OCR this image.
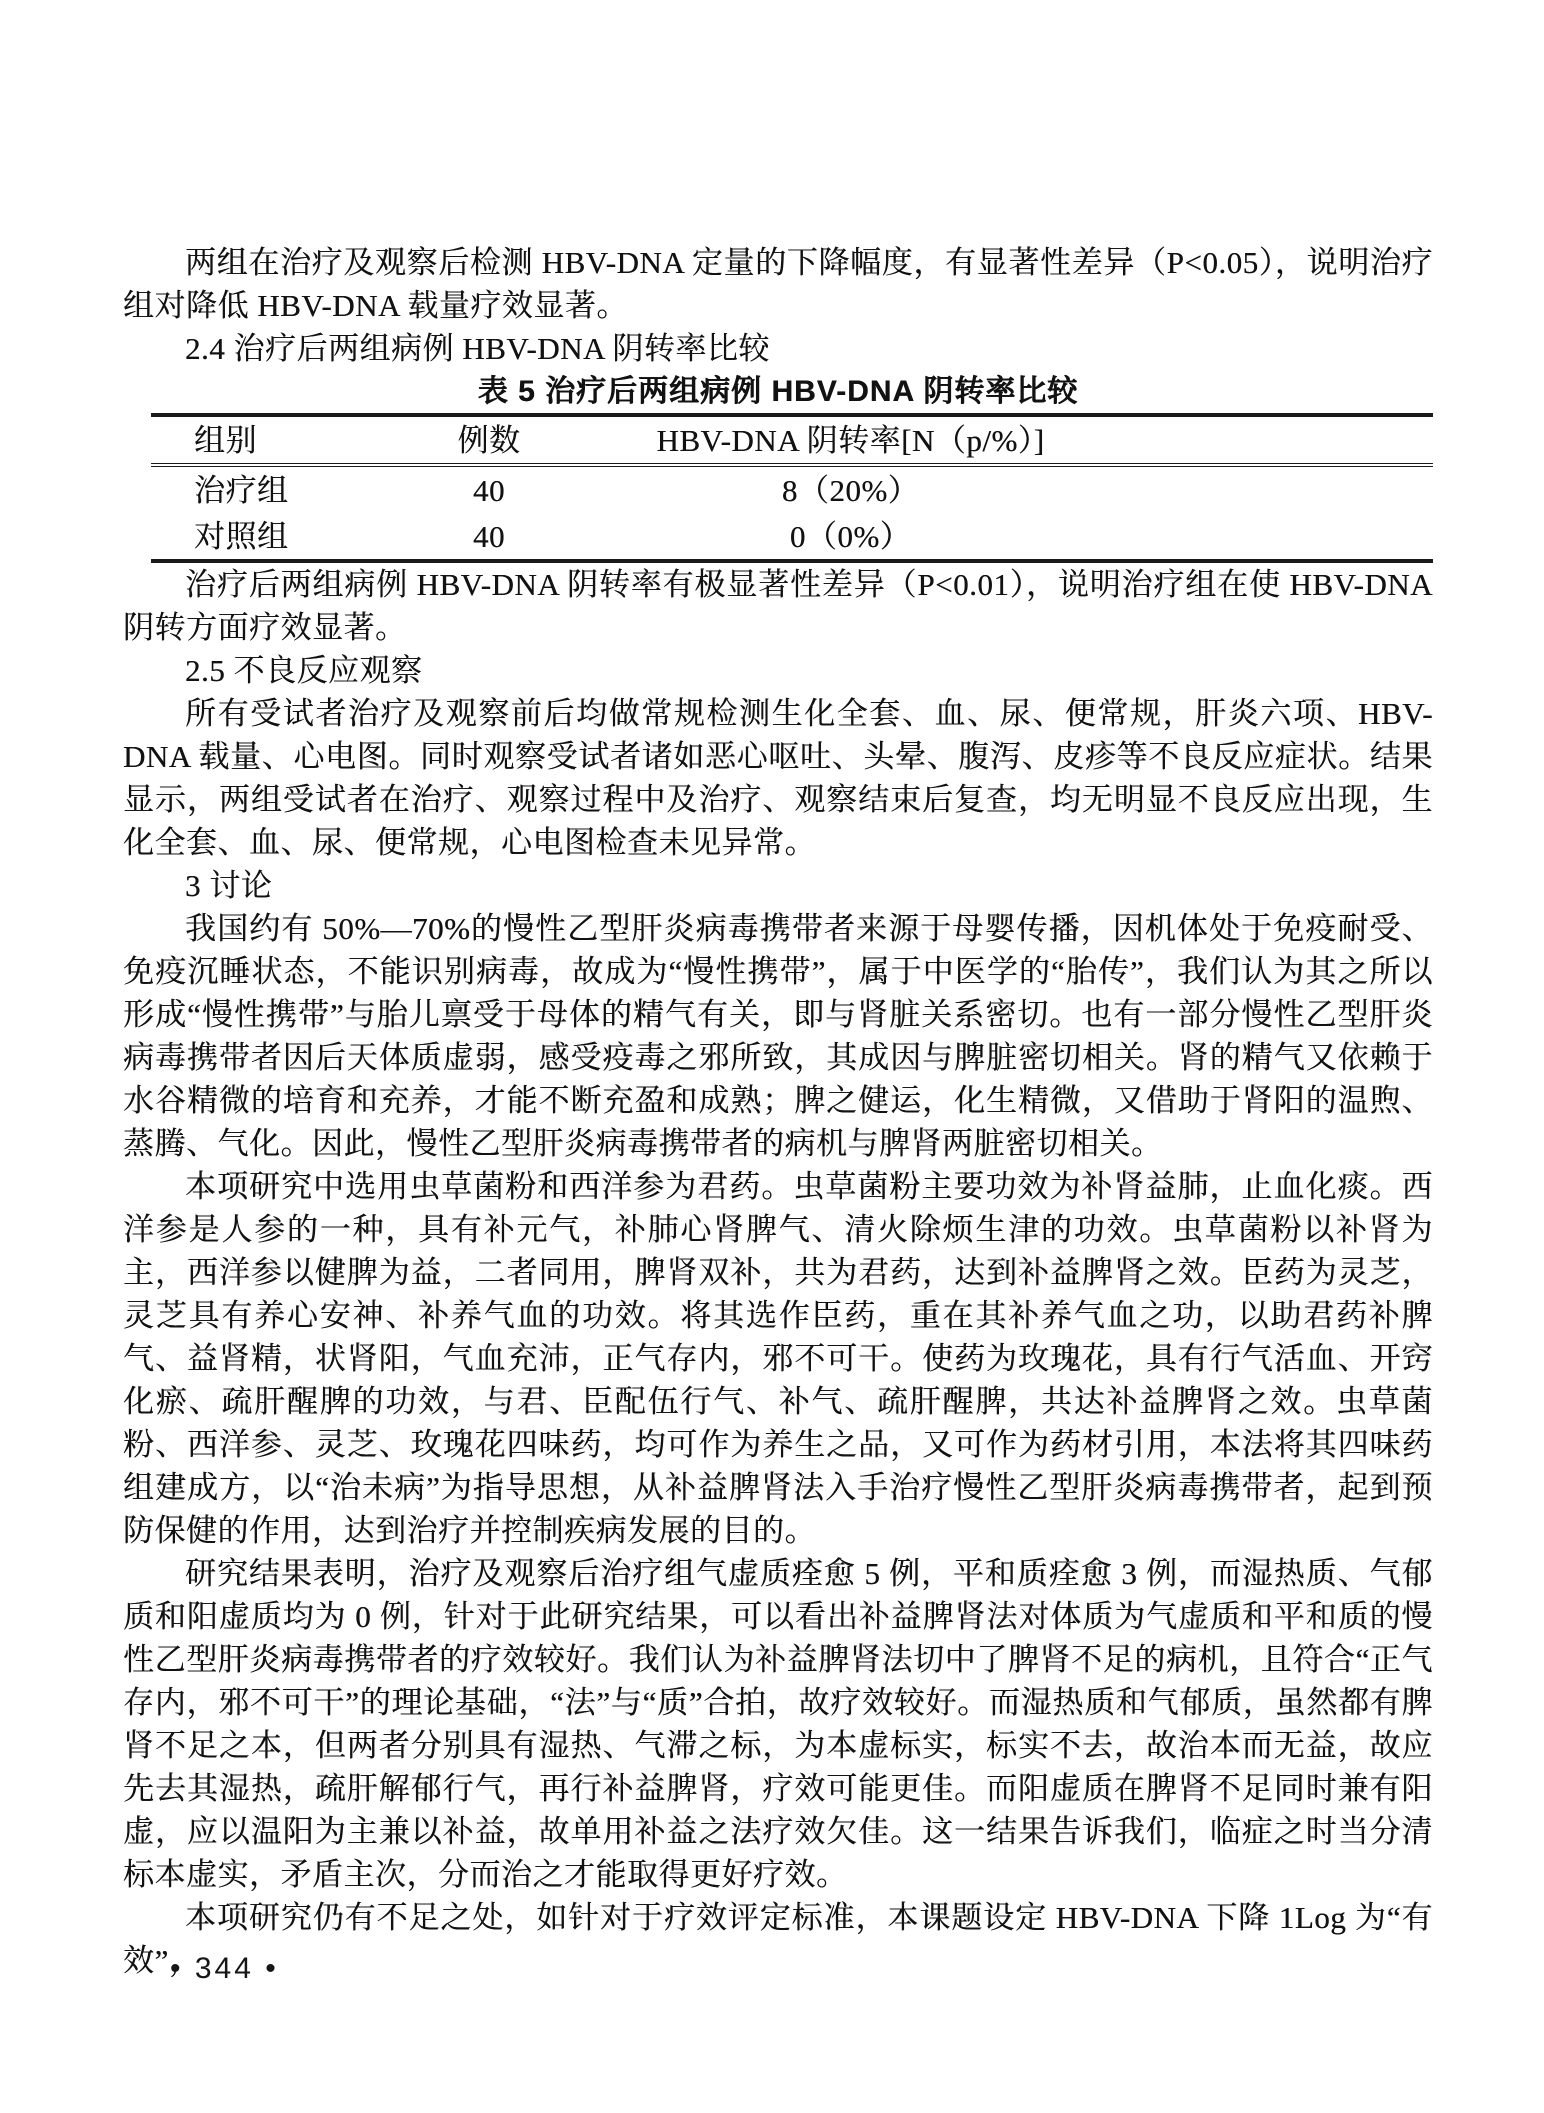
两组在治疗及观察后检测 HBV-DNA 定量的下降幅度，有显著性差异（P<0.05），说明治疗组对降低 HBV-DNA 载量疗效显著。

2.4 治疗后两组病例 HBV-DNA 阴转率比较

表 5 治疗后两组病例 HBV-DNA 阴转率比较

组别	例数	HBV-DNA 阴转率[N（p/%）]
治疗组	40	8（20%）
对照组	40	0（0%）

治疗后两组病例 HBV-DNA 阴转率有极显著性差异（P<0.01），说明治疗组在使 HBV-DNA 阴转方面疗效显著。

2.5 不良反应观察

所有受试者治疗及观察前后均做常规检测生化全套、血、尿、便常规，肝炎六项、HBV-DNA 载量、心电图。同时观察受试者诸如恶心呕吐、头晕、腹泻、皮疹等不良反应症状。结果显示，两组受试者在治疗、观察过程中及治疗、观察结束后复查，均无明显不良反应出现，生化全套、血、尿、便常规，心电图检查未见异常。

3 讨论

我国约有 50%—70%的慢性乙型肝炎病毒携带者来源于母婴传播，因机体处于免疫耐受、免疫沉睡状态，不能识别病毒，故成为“慢性携带”，属于中医学的“胎传”，我们认为其之所以形成“慢性携带”与胎儿禀受于母体的精气有关，即与肾脏关系密切。也有一部分慢性乙型肝炎病毒携带者因后天体质虚弱，感受疫毒之邪所致，其成因与脾脏密切相关。肾的精气又依赖于水谷精微的培育和充养，才能不断充盈和成熟；脾之健运，化生精微，又借助于肾阳的温煦、蒸腾、气化。因此，慢性乙型肝炎病毒携带者的病机与脾肾两脏密切相关。

本项研究中选用虫草菌粉和西洋参为君药。虫草菌粉主要功效为补肾益肺，止血化痰。西洋参是人参的一种，具有补元气，补肺心肾脾气、清火除烦生津的功效。虫草菌粉以补肾为主，西洋参以健脾为益，二者同用，脾肾双补，共为君药，达到补益脾肾之效。臣药为灵芝，灵芝具有养心安神、补养气血的功效。将其选作臣药，重在其补养气血之功，以助君药补脾气、益肾精，状肾阳，气血充沛，正气存内，邪不可干。使药为玫瑰花，具有行气活血、开窍化瘀、疏肝醒脾的功效，与君、臣配伍行气、补气、疏肝醒脾，共达补益脾肾之效。虫草菌粉、西洋参、灵芝、玫瑰花四味药，均可作为养生之品，又可作为药材引用，本法将其四味药组建成方，以“治未病”为指导思想，从补益脾肾法入手治疗慢性乙型肝炎病毒携带者，起到预防保健的作用，达到治疗并控制疾病发展的目的。

研究结果表明，治疗及观察后治疗组气虚质痊愈 5 例，平和质痊愈 3 例，而湿热质、气郁质和阳虚质均为 0 例，针对于此研究结果，可以看出补益脾肾法对体质为气虚质和平和质的慢性乙型肝炎病毒携带者的疗效较好。我们认为补益脾肾法切中了脾肾不足的病机，且符合“正气存内，邪不可干”的理论基础，“法”与“质”合拍，故疗效较好。而湿热质和气郁质，虽然都有脾肾不足之本，但两者分别具有湿热、气滞之标，为本虚标实，标实不去，故治本而无益，故应先去其湿热，疏肝解郁行气，再行补益脾肾，疗效可能更佳。而阳虚质在脾肾不足同时兼有阳虚，应以温阳为主兼以补益，故单用补益之法疗效欠佳。这一结果告诉我们，临症之时当分清标本虚实，矛盾主次，分而治之才能取得更好疗效。

本项研究仍有不足之处，如针对于疗效评定标准，本课题设定 HBV-DNA 下降 1Log 为“有效”，

• 344 •
